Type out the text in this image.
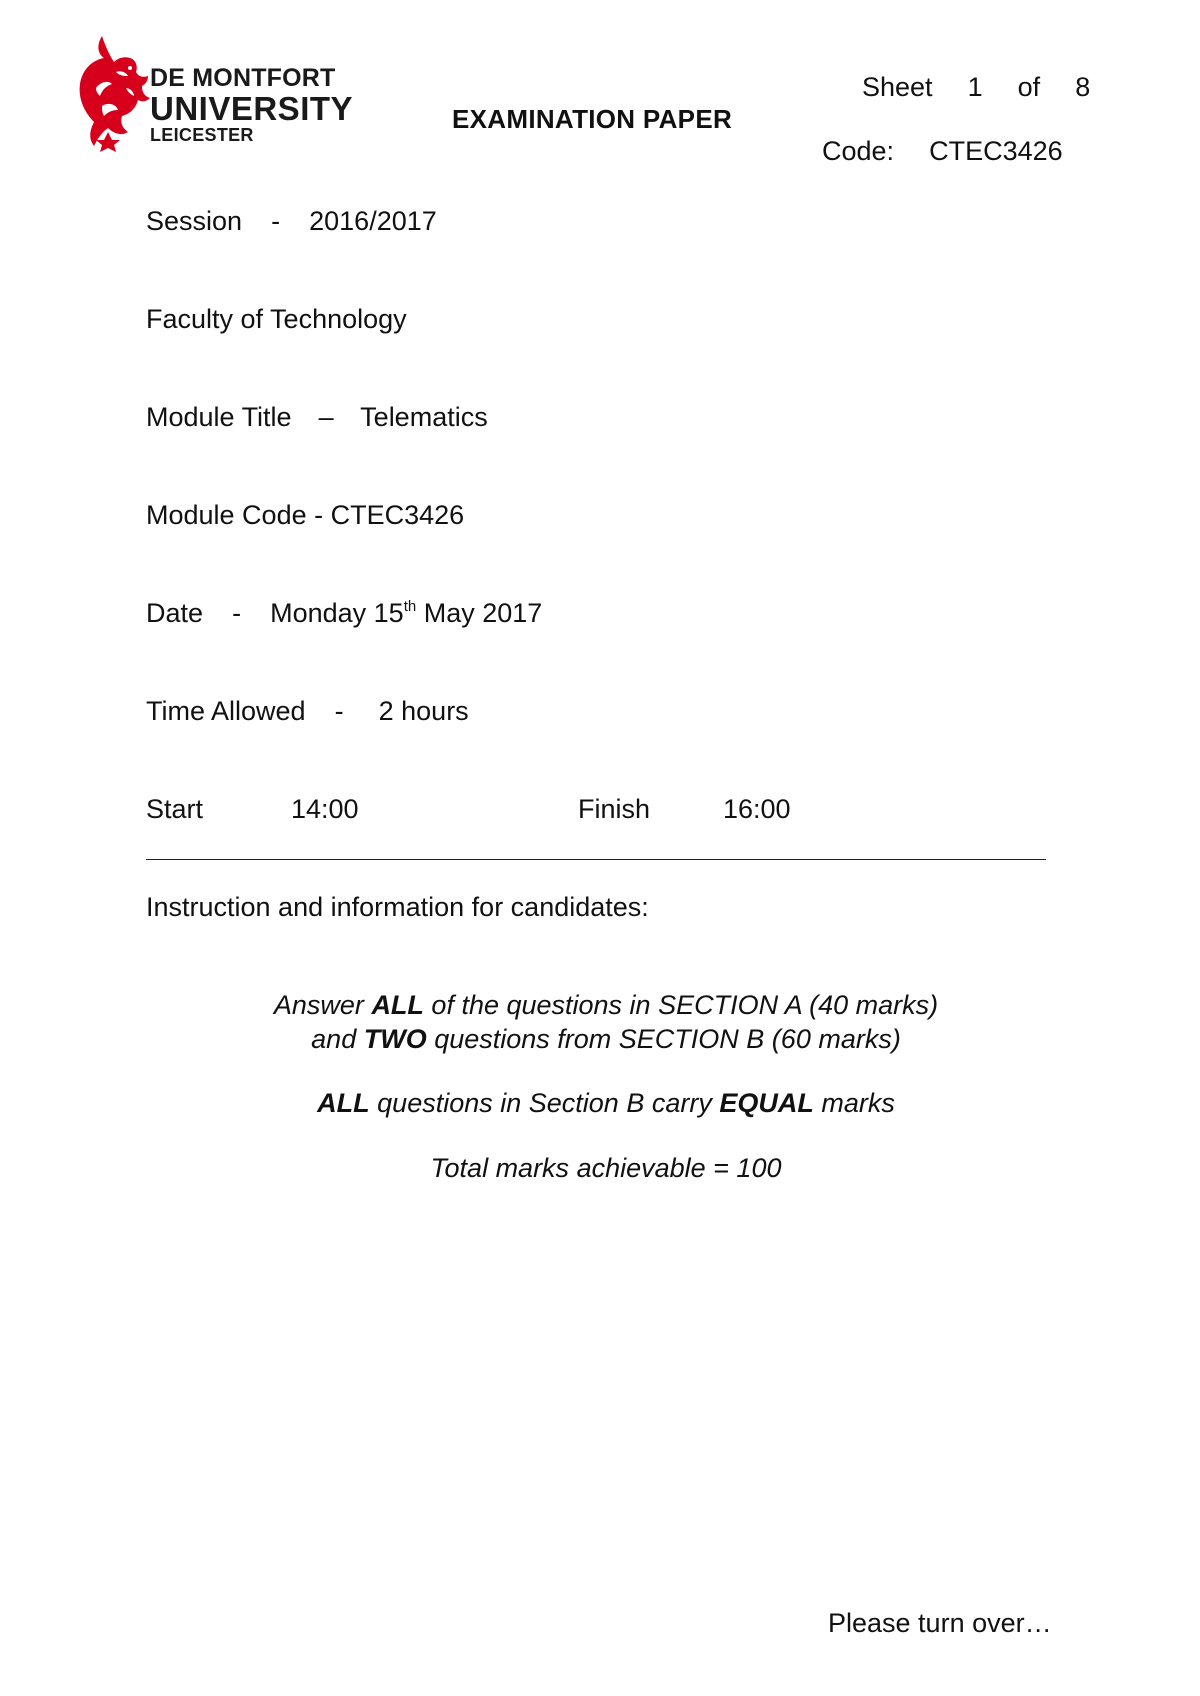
DE MONTFORT
UNIVERSITY
LEICESTER
EXAMINATION PAPER
Sheet 1 of 8
Code: CTEC3426
Session - 2016/2017
Faculty of Technology
Module Title – Telematics
Module Code - CTEC3426
Date - Monday 15th May 2017
Time Allowed - 2 hours
Start	14:00	Finish	16:00
Instruction and information for candidates:
Answer ALL of the questions in SECTION A (40 marks)
and TWO questions from SECTION B (60 marks)
ALL questions in Section B carry EQUAL marks
Total marks achievable = 100
Please turn over…
